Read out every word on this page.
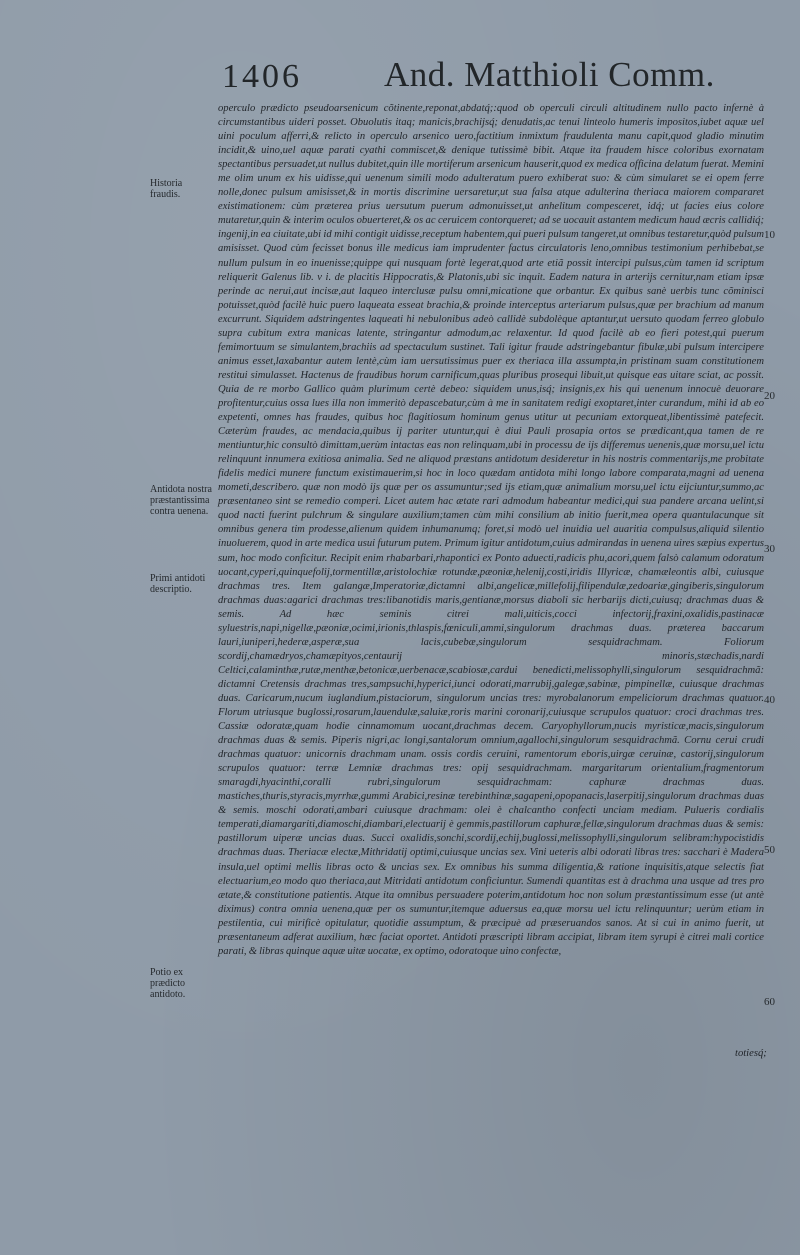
1406 And. Matthioli Comm.

operculo prædicto pseudoarsenicum cõtinente,reponat,abdatq́;:quod ob operculi circuli altitudinem nullo pacto infernè à circumstantibus uideri posset. Obuolutis itaq; manicis,brachijsq́; denudatis,ac tenui linteolo humeris impositos,iubet aquæ uel uini poculum afferri,& relicto in operculo arsenico uero,factitium inmixtum fraudulenta manu capit,quod gladio minutim incidit,& uino,uel aquæ parati cyathi commiscet,& denique tutissimè bibit. Atque ita fraudem hisce coloribus exornatam spectantibus persuadet,ut nullus dubitet,quin ille mortiferum arsenicum hauserit,quod ex medica officina delatum fuerat. Memini me olim unum ex his uidisse,qui uenenum simili modo adulteratum puero exhiberat suo: & cùm simularet se ei opem ferre nolle,donec pulsum amisisset,& in mortis discrimine uersaretur,ut sua falsa atque adulterina theriaca maiorem compararet existimationem: cùm præterea prius uersutum puerum admonuisset,ut anhelitum compesceret, idq́; ut facies eius colore mutaretur,quin & interim oculos obuerteret,& os ac ceruicem contorqueret; ad se uocauit astantem medicum haud æcris callidiq́; ingenij,in ea ciuitate,ubi id mihi contigit uidisse,receptum habentem,qui pueri pulsum tangeret,ut omnibus testaretur,quòd pulsum amisisset. Quod cùm fecisset bonus ille medicus iam imprudenter factus circulatoris leno,omnibus testimonium perhibebat,se nullum pulsum in eo inuenisse;quippe qui nusquam fortè legerat,quod arte etiã possit intercipi pulsus,cùm tamen id scriptum reliquerit Galenus lib. v i. de placitis Hippocratis,& Platonis,ubi sic inquit. Eadem natura in arterijs cernitur,nam etiam ipsæ perinde ac nerui,aut incisæ,aut laqueo interclusæ pulsu omni,micatione que orbantur. Ex quibus sanè uerbis tunc cõminisci potuisset,quòd facilè huic puero laqueata esseat brachia,& proinde interceptus arteriarum pulsus,quæ per brachium ad manum excurrunt. Siquidem adstringentes laqueati hi nebulonibus adeò callidè subdolèque aptantur,ut uersuto quodam ferreo globulo supra cubitum extra manicas latente, stringantur admodum,ac relaxentur. Id quod facilè ab eo fieri potest,qui puerum femimortuum se simulantem,brachiis ad spectaculum sustinet. Tali igitur fraude adstringebantur fibulæ,ubi pulsum intercipere animus esset,laxabantur autem lentè,cùm iam uersutissimus puer ex theriaca illa assumpta,in pristinam suam constitutionem restitui simulasset. Hactenus de fraudibus horum carnificum,quas pluribus prosequi libuit,ut quisque eas uitare sciat, ac possit. Quia de re morbo Gallico quàm plurimum certè debeo: siquidem unus,isq́; insignis,ex his qui uenenum innocuè deuorare profitentur,cuius ossa lues illa non immeritò depascebatur,cùm à me in sanitatem redigi exoptaret,inter curandum, mihi id ab eo expetenti, omnes has fraudes, quibus hoc flagitiosum hominum genus utitur ut pecuniam extorqueat,libentissimè patefecit. Cæterùm fraudes, ac mendacia,quibus ij pariter utuntur,qui è diui Pauli prosapia ortos se prædicant,qua tamen de re mentiuntur,hic consultò dimittam,uerùm intactas eas non relinquam,ubi in processu de ijs differemus uenenis,quæ morsu,uel ictu relinquunt innumera exitiosa animalia. Sed ne aliquod præstans antidotum desideretur in his nostris commentarijs,me probitate fidelis medici munere functum existimauerim,si hoc in loco quædam antidota mihi longo labore comparata,magni ad uenena mometi,describero. quæ non modò ijs quæ per os assumuntur;sed ijs etiam,quæ animalium morsu,uel ictu eijciuntur,summo,ac præsentaneo sint se remedio comperi. Licet autem hac ætate rari admodum habeantur medici,qui sua pandere arcana uelint,si quod nacti fuerint pulchrum & singulare auxilium;tamen cùm mihi consilium ab initio fuerit,mea opera quantulacunque sit omnibus genera tim prodesse,alienum quidem inhumanumq; foret,si modò uel inuidia uel auaritia compulsus,aliquid silentio inuoluerem, quod in arte medica usui futurum putem. Primum igitur antidotum,cuius admirandas in uenena uires sæpius expertus sum, hoc modo conficitur. Recipit enim rhabarbari,rhapontici ex Ponto aduecti,radicis phu,acori,quem falsò calamum odoratum uocant,cyperi,quinquefolij,tormentillæ,aristolochiæ rotundæ,pæoniæ,helenij,costi,iridis Illyricæ, chamæleontis albi, cuiusque drachmas tres. Item galangæ,Imperatoriæ,dictamni albi,angelicæ,millefolij,filipendulæ,zedoariæ,gingiberis,singulorum drachmas duas:agarici drachmas tres:libanotidis maris,gentianæ,morsus diaboli sic herbarijs dicti,cuiusq; drachmas duas & semis. Ad hæc seminis citrei mali,uiticis,cocci infectorij,fraxini,oxalidis,pastinacæ syluestris,napi,nigellæ,pæoniæ,ocimi,irionis,thlaspis,fœniculi,ammi,singulorum drachmas duas. præterea baccarum lauri,iuniperi,hederæ,asperæ,sua lacis,cubebæ,singulorum sesquidrachmam. Foliorum scordij,chamædryos,chamæpityos,centaurij minoris,stæchadis,nardi Celtici,calaminthæ,rutæ,menthæ,betonicæ,uerbenacæ,scabiosæ,cardui benedicti,melissophylli,singulorum sesquidrachmã: dictamni Cretensis drachmas tres,sampsuchi,hyperici,iunci odorati,marrubij,galegæ,sabinæ, pimpinellæ, cuiusque drachmas duas. Caricarum,nucum iuglandium,pistaciorum, singulorum uncias tres: myrobalanorum empeliciorum drachmas quatuor. Florum utriusque buglossi,rosarum,lauendulæ,saluiæ,roris marini coronarij,cuiusque scrupulos quatuor: croci drachmas tres. Cassiæ odoratæ,quam hodie cinnamomum uocant,drachmas decem. Caryophyllorum,nucis myristicæ,macis,singulorum drachmas duas & semis. Piperis nigri,ac longi,santalorum omnium,agallochi,singulorum sesquidrachmã. Cornu cerui crudi drachmas quatuor: unicornis drachmam unam. ossis cordis ceruini, ramentorum eboris,uirgæ ceruinæ, castorij,singulorum scrupulos quatuor: terræ Lemniæ drachmas tres: opij sesquidrachmam. margaritarum orientalium,fragmentorum smaragdi,hyacinthi,coralli rubri,singulorum sesquidrachmam: caphuræ drachmas duas. mastiches,thuris,styracis,myrrhæ,gummi Arabici,resinæ terebinthinæ,sagapeni,opopanacis,laserpitij,singulorum drachmas duas & semis. moschi odorati,ambari cuiusque drachmam: olei è chalcantho confecti unciam mediam. Pulueris cordialis temperati,diamargariti,diamoschi,diambari,electuarij è gemmis,pastillorum caphuræ,fellæ,singulorum drachmas duas & semis: pastillorum uiperæ uncias duas. Succi oxalidis,sonchi,scordij,echij,buglossi,melissophylli,singulorum selibram:hypocistidis drachmas duas. Theriacæ electæ,Mithridatij optimi,cuiusque uncias sex. Vini ueteris albi odorati libras tres: sacchari è Madera insula,uel optimi mellis libras octo & uncias sex. Ex omnibus his summa diligentia,& ratione inquisitis,atque selectis fiat electuarium,eo modo quo theriaca,aut Mitridati antidotum conficiuntur. Sumendi quantitas est à drachma una usque ad tres pro ætate,& constitutione patientis. Atque ita omnibus persuadere poterim,antidotum hoc non solum præstantissimum esse (ut antè diximus) contra omnia uenena,quæ per os sumuntur,itemque aduersus ea,quæ morsu uel ictu relinquuntur; uerùm etiam in pestilentia, cui mirificè opitulatur, quotidie assumptum, & præcipuè ad præseruandos sanos. At si cui in animo fuerit, ut præsentaneum adferat auxilium, hæc faciat oportet. Antidoti præscripti libram accipiat, libram item syrupi è citrei mali cortice parati, & libras quinque aquæ uitæ uocatæ, ex optimo, odoratoque uino confectæ,

totiesq́;
Historia fraudis.
Antidota nostra præstantissima contra uenena.
Primi antidoti descriptio.
Potio ex prædicto antidoto.
10
20
30
40
50
60
